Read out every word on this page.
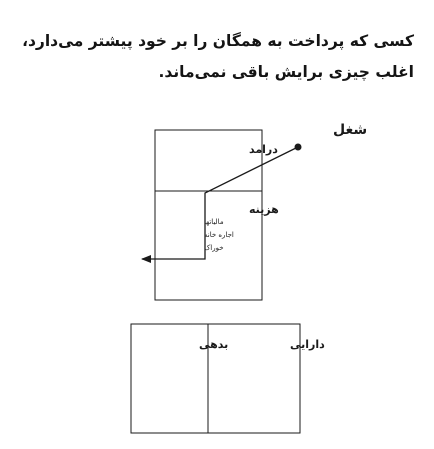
کسی که پرداخت به همگان را بر خود پیشتر می‌دارد،
اغلب چیزی برایش باقی نمی‌ماند.
درامد
هزینه
مالیاتها
اجاره خانه
خوراک
شغل
دارایی
بدهی
